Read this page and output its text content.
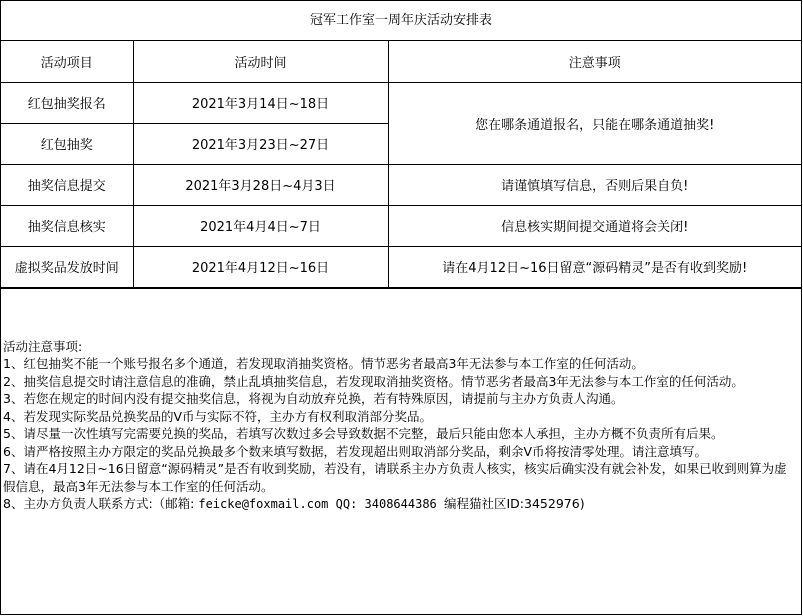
冠军工作室一周年庆活动安排表
活动项目	活动时间	注意事项
红包抽奖报名	2021年3月14日~18日	您在哪条通道报名，只能在哪条通道抽奖!
红包抽奖	2021年3月23日~27日	
抽奖信息提交	2021年3月28日~4月3日	请谨慎填写信息，否则后果自负!
抽奖信息核实	2021年4月4日~7日	信息核实期间提交通道将会关闭!
虚拟奖品发放时间	2021年4月12日~16日	请在4月12日~16日留意“源码精灵”是否有收到奖励!

活动注意事项:

1、红包抽奖不能一个账号报名多个通道，若发现取消抽奖资格。情节恶劣者最高3年无法参与本工作室的任何活动。

2、抽奖信息提交时请注意信息的准确，禁止乱填抽奖信息，若发现取消抽奖资格。情节恶劣者最高3年无法参与本工作室的任何活动。

3、若您在规定的时间内没有提交抽奖信息，将视为自动放弃兑换，若有特殊原因，请提前与主办方负责人沟通。

4、若发现实际奖品兑换奖品的V币与实际不符，主办方有权利取消部分奖品。

5、请尽量一次性填写完需要兑换的奖品，若填写次数过多会导致数据不完整，最后只能由您本人承担，主办方概不负责所有后果。

6、请严格按照主办方限定的奖品兑换最多个数来填写数据，若发现超出则取消部分奖品，剩余V币将按清零处理。请注意填写。

7、请在4月12日~16日留意“源码精灵”是否有收到奖励，若没有，请联系主办方负责人核实，核实后确实没有就会补发，如果已收到则算为虚假信息，最高3年无法参与本工作室的任何活动。

8、主办方负责人联系方式:（邮箱: feicke@foxmail.com QQ: 3408644386 编程猫社区ID:3452976)
